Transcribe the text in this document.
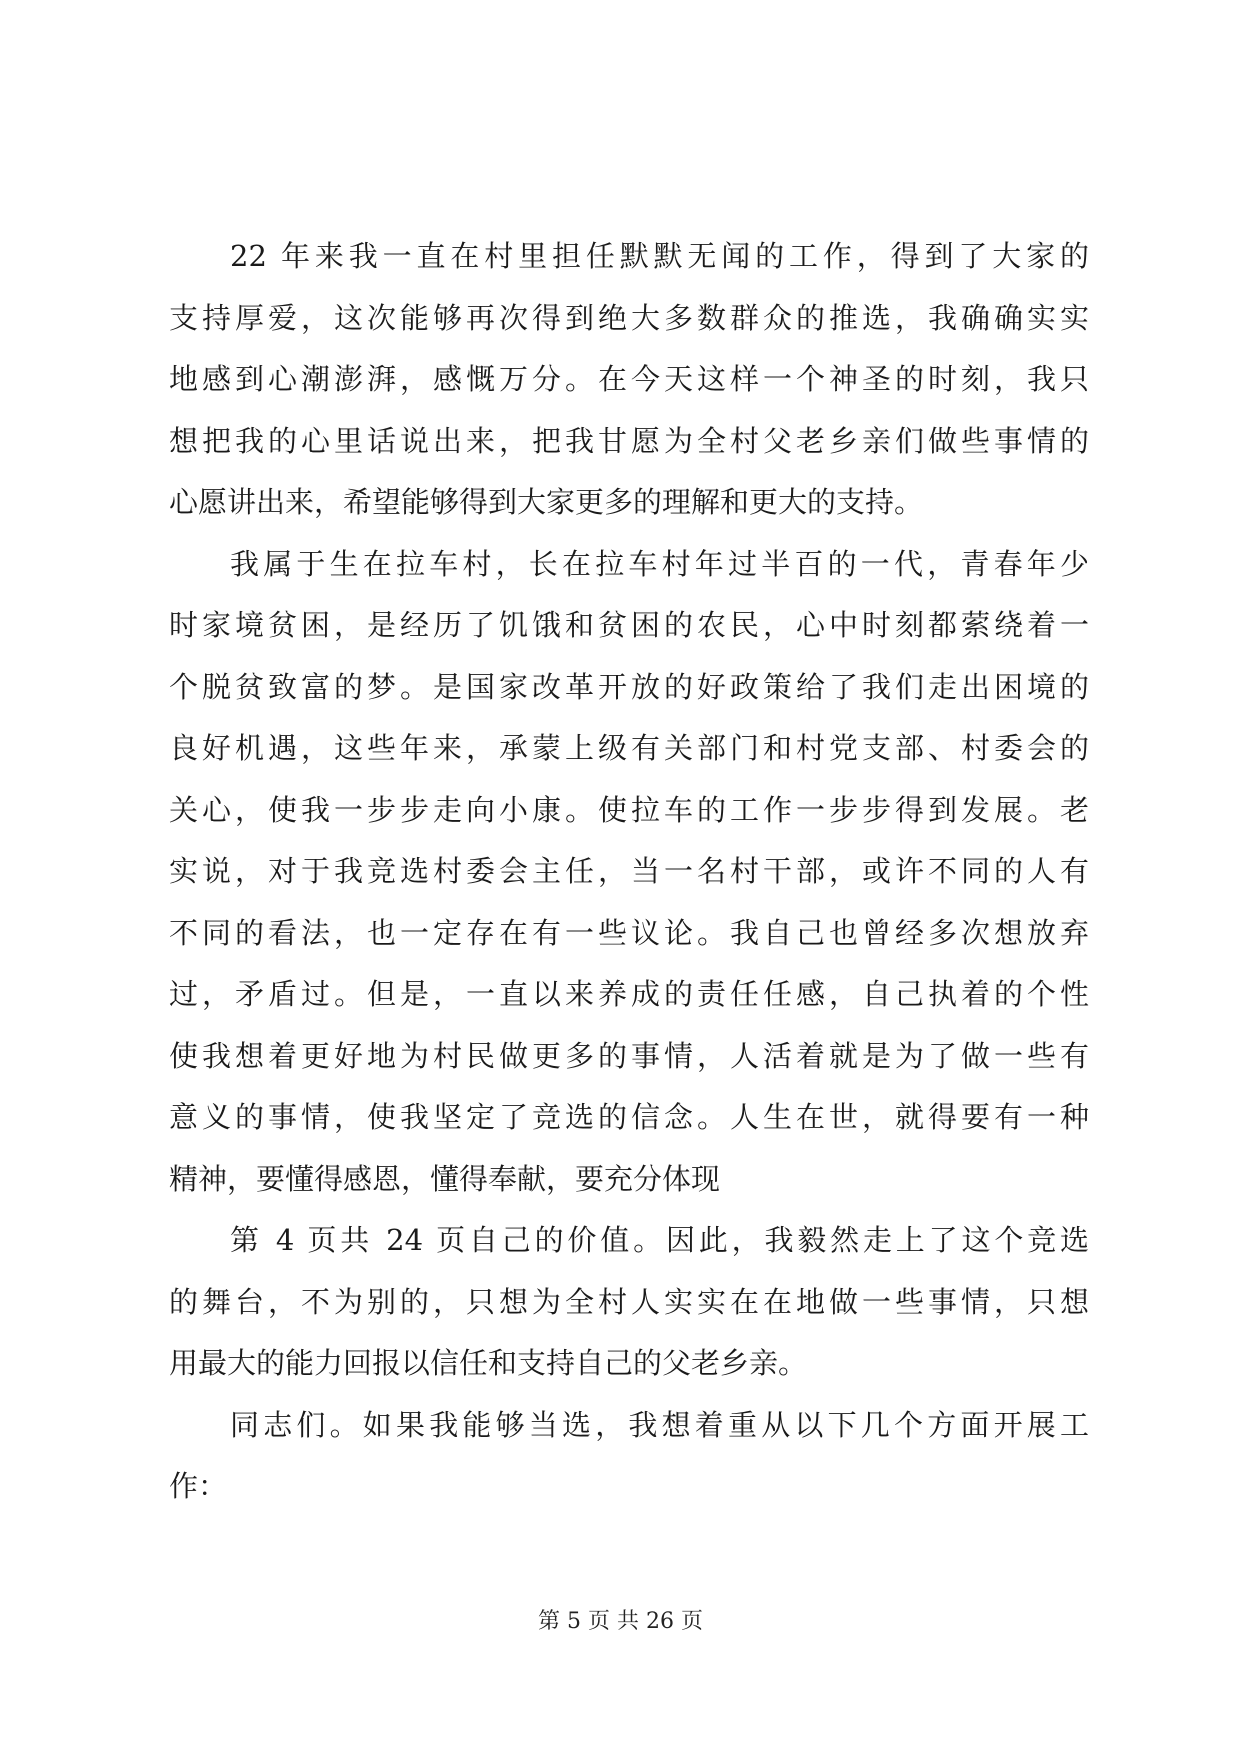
22 年来我一直在村里担任默默无闻的工作，得到了大家的
支持厚爱，这次能够再次得到绝大多数群众的推选，我确确实实
地感到心潮澎湃，感慨万分。在今天这样一个神圣的时刻，我只
想把我的心里话说出来，把我甘愿为全村父老乡亲们做些事情的
心愿讲出来，希望能够得到大家更多的理解和更大的支持。
我属于生在拉车村，长在拉车村年过半百的一代，青春年少
时家境贫困，是经历了饥饿和贫困的农民，心中时刻都萦绕着一
个脱贫致富的梦。是国家改革开放的好政策给了我们走出困境的
良好机遇，这些年来，承蒙上级有关部门和村党支部、村委会的
关心，使我一步步走向小康。使拉车的工作一步步得到发展。老
实说，对于我竞选村委会主任，当一名村干部，或许不同的人有
不同的看法，也一定存在有一些议论。我自己也曾经多次想放弃
过，矛盾过。但是，一直以来养成的责任任感，自己执着的个性
使我想着更好地为村民做更多的事情，人活着就是为了做一些有
意义的事情，使我坚定了竞选的信念。人生在世，就得要有一种
精神，要懂得感恩，懂得奉献，要充分体现
第 4 页共 24 页自己的价值。因此，我毅然走上了这个竞选
的舞台，不为别的，只想为全村人实实在在地做一些事情，只想
用最大的能力回报以信任和支持自己的父老乡亲。
同志们。如果我能够当选，我想着重从以下几个方面开展工
作：
第 5 页 共 26 页
